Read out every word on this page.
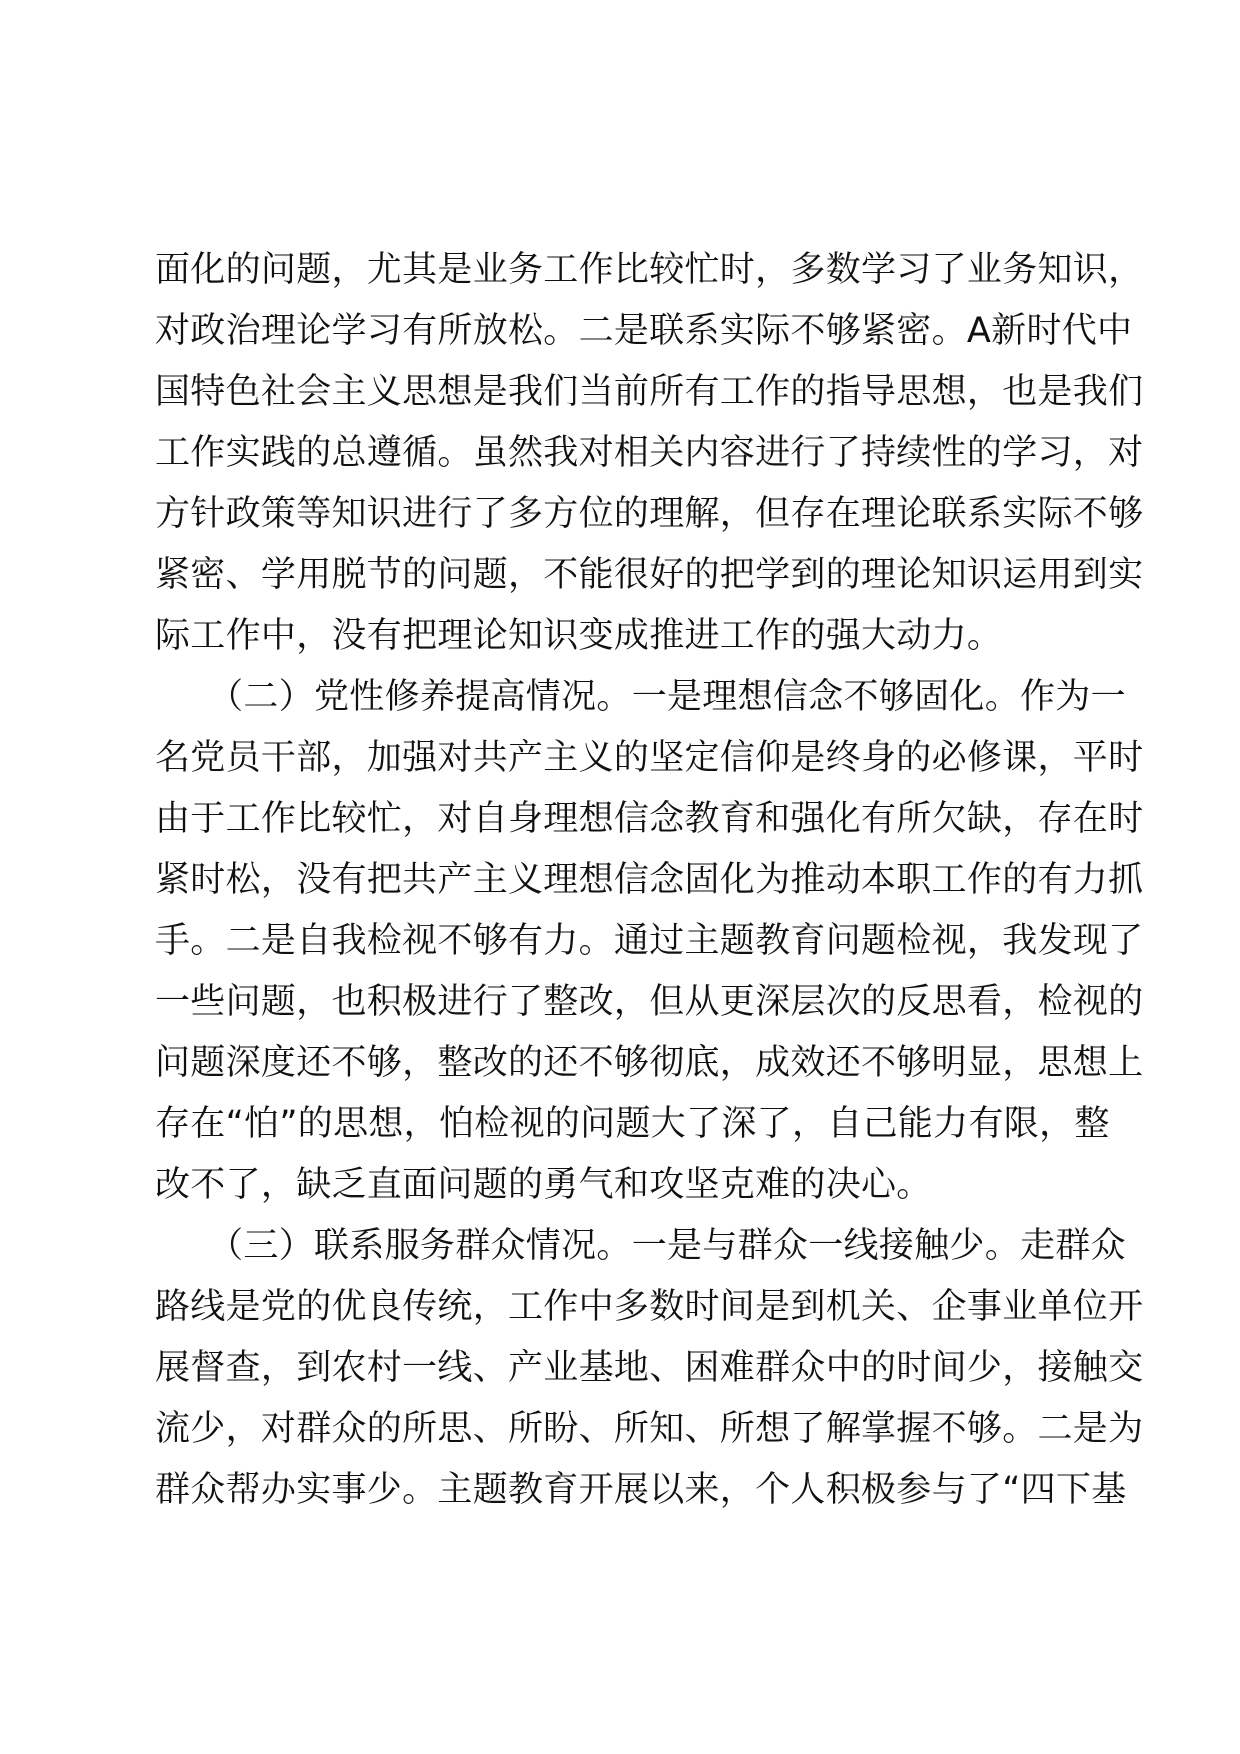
面化的问题，尤其是业务工作比较忙时，多数学习了业务知识，
对政治理论学习有所放松。二是联系实际不够紧密。A新时代中
国特色社会主义思想是我们当前所有工作的指导思想，也是我们
工作实践的总遵循。虽然我对相关内容进行了持续性的学习，对
方针政策等知识进行了多方位的理解，但存在理论联系实际不够
紧密、学用脱节的问题，不能很好的把学到的理论知识运用到实
际工作中，没有把理论知识变成推进工作的强大动力。
　　（二）党性修养提高情况。一是理想信念不够固化。作为一
名党员干部，加强对共产主义的坚定信仰是终身的必修课，平时
由于工作比较忙，对自身理想信念教育和强化有所欠缺，存在时
紧时松，没有把共产主义理想信念固化为推动本职工作的有力抓
手。二是自我检视不够有力。通过主题教育问题检视，我发现了
一些问题，也积极进行了整改，但从更深层次的反思看，检视的
问题深度还不够，整改的还不够彻底，成效还不够明显，思想上
存在“怕”的思想，怕检视的问题大了深了，自己能力有限，整
改不了，缺乏直面问题的勇气和攻坚克难的决心。
　　（三）联系服务群众情况。一是与群众一线接触少。走群众
路线是党的优良传统，工作中多数时间是到机关、企事业单位开
展督查，到农村一线、产业基地、困难群众中的时间少，接触交
流少，对群众的所思、所盼、所知、所想了解掌握不够。二是为
群众帮办实事少。主题教育开展以来，个人积极参与了“四下基
